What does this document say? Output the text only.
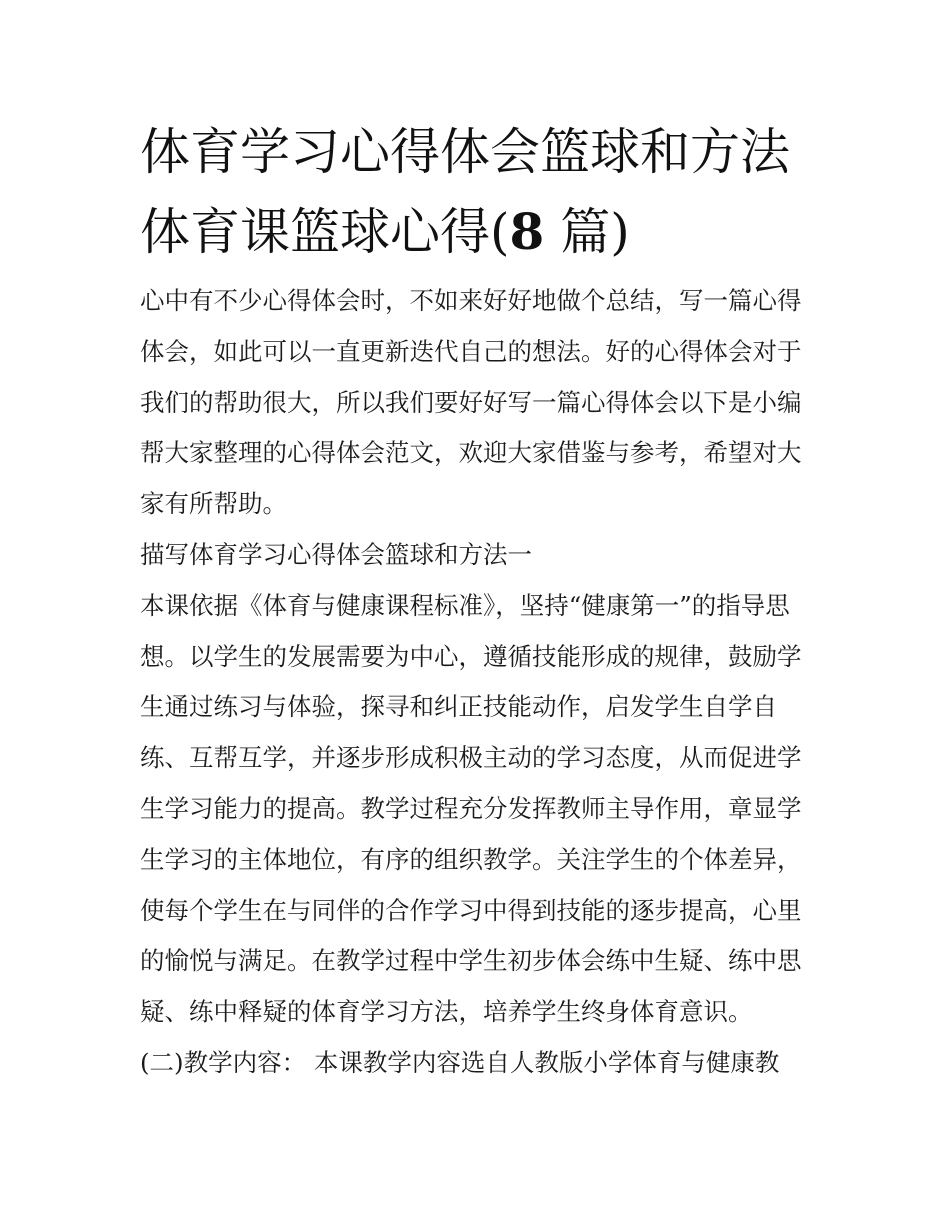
体育学习心得体会篮球和方法
体育课篮球心得(8 篇)
心中有不少心得体会时，不如来好好地做个总结，写一篇心得
体会，如此可以一直更新迭代自己的想法。好的心得体会对于
我们的帮助很大，所以我们要好好写一篇心得体会以下是小编
帮大家整理的心得体会范文，欢迎大家借鉴与参考，希望对大
家有所帮助。
描写体育学习心得体会篮球和方法一
本课依据《体育与健康课程标准》，坚持“健康第一”的指导思
想。以学生的发展需要为中心，遵循技能形成的规律，鼓励学
生通过练习与体验，探寻和纠正技能动作，启发学生自学自
练、互帮互学，并逐步形成积极主动的学习态度，从而促进学
生学习能力的提高。教学过程充分发挥教师主导作用，章显学
生学习的主体地位，有序的组织教学。关注学生的个体差异，
使每个学生在与同伴的合作学习中得到技能的逐步提高，心里
的愉悦与满足。在教学过程中学生初步体会练中生疑、练中思
疑、练中释疑的体育学习方法，培养学生终身体育意识。
(二)教学内容： 本课教学内容选自人教版小学体育与健康教
